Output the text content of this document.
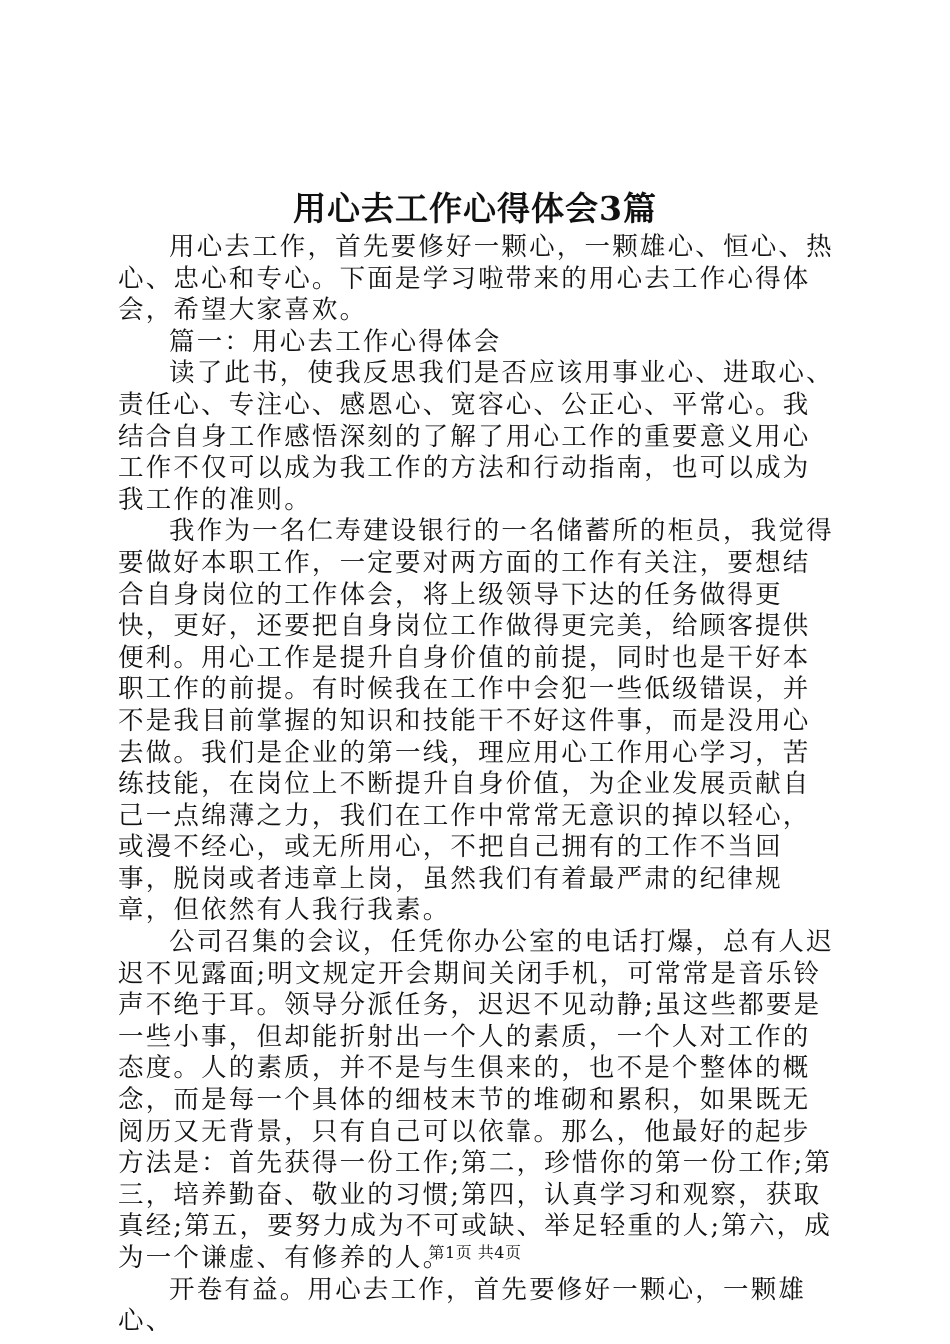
用心去工作心得体会3篇

用心去工作，首先要修好一颗心，一颗雄心、恒心、热心、忠心和专心。下面是学习啦带来的用心去工作心得体会，希望大家喜欢。

篇一：用心去工作心得体会

读了此书，使我反思我们是否应该用事业心、进取心、责任心、专注心、感恩心、宽容心、公正心、平常心。我结合自身工作感悟深刻的了解了用心工作的重要意义用心工作不仅可以成为我工作的方法和行动指南，也可以成为我工作的准则。

我作为一名仁寿建设银行的一名储蓄所的柜员，我觉得要做好本职工作，一定要对两方面的工作有关注，要想结合自身岗位的工作体会，将上级领导下达的任务做得更快，更好，还要把自身岗位工作做得更完美，给顾客提供便利。用心工作是提升自身价值的前提，同时也是干好本职工作的前提。有时候我在工作中会犯一些低级错误，并不是我目前掌握的知识和技能干不好这件事，而是没用心去做。我们是企业的第一线，理应用心工作用心学习，苦练技能，在岗位上不断提升自身价值，为企业发展贡献自己一点绵薄之力，我们在工作中常常无意识的掉以轻心，或漫不经心，或无所用心，不把自己拥有的工作不当回事，脱岗或者违章上岗，虽然我们有着最严肃的纪律规章，但依然有人我行我素。

公司召集的会议，任凭你办公室的电话打爆，总有人迟迟不见露面;明文规定开会期间关闭手机，可常常是音乐铃声不绝于耳。领导分派任务，迟迟不见动静;虽这些都要是一些小事，但却能折射出一个人的素质，一个人对工作的态度。人的素质，并不是与生俱来的，也不是个整体的概念，而是每一个具体的细枝末节的堆砌和累积，如果既无阅历又无背景，只有自己可以依靠。那么，他最好的起步方法是：首先获得一份工作;第二，珍惜你的第一份工作;第三，培养勤奋、敬业的习惯;第四，认真学习和观察，获取真经;第五，要努力成为不可或缺、举足轻重的人;第六，成为一个谦虚、有修养的人。

开卷有益。用心去工作，首先要修好一颗心，一颗雄心、

第1页 共4页
